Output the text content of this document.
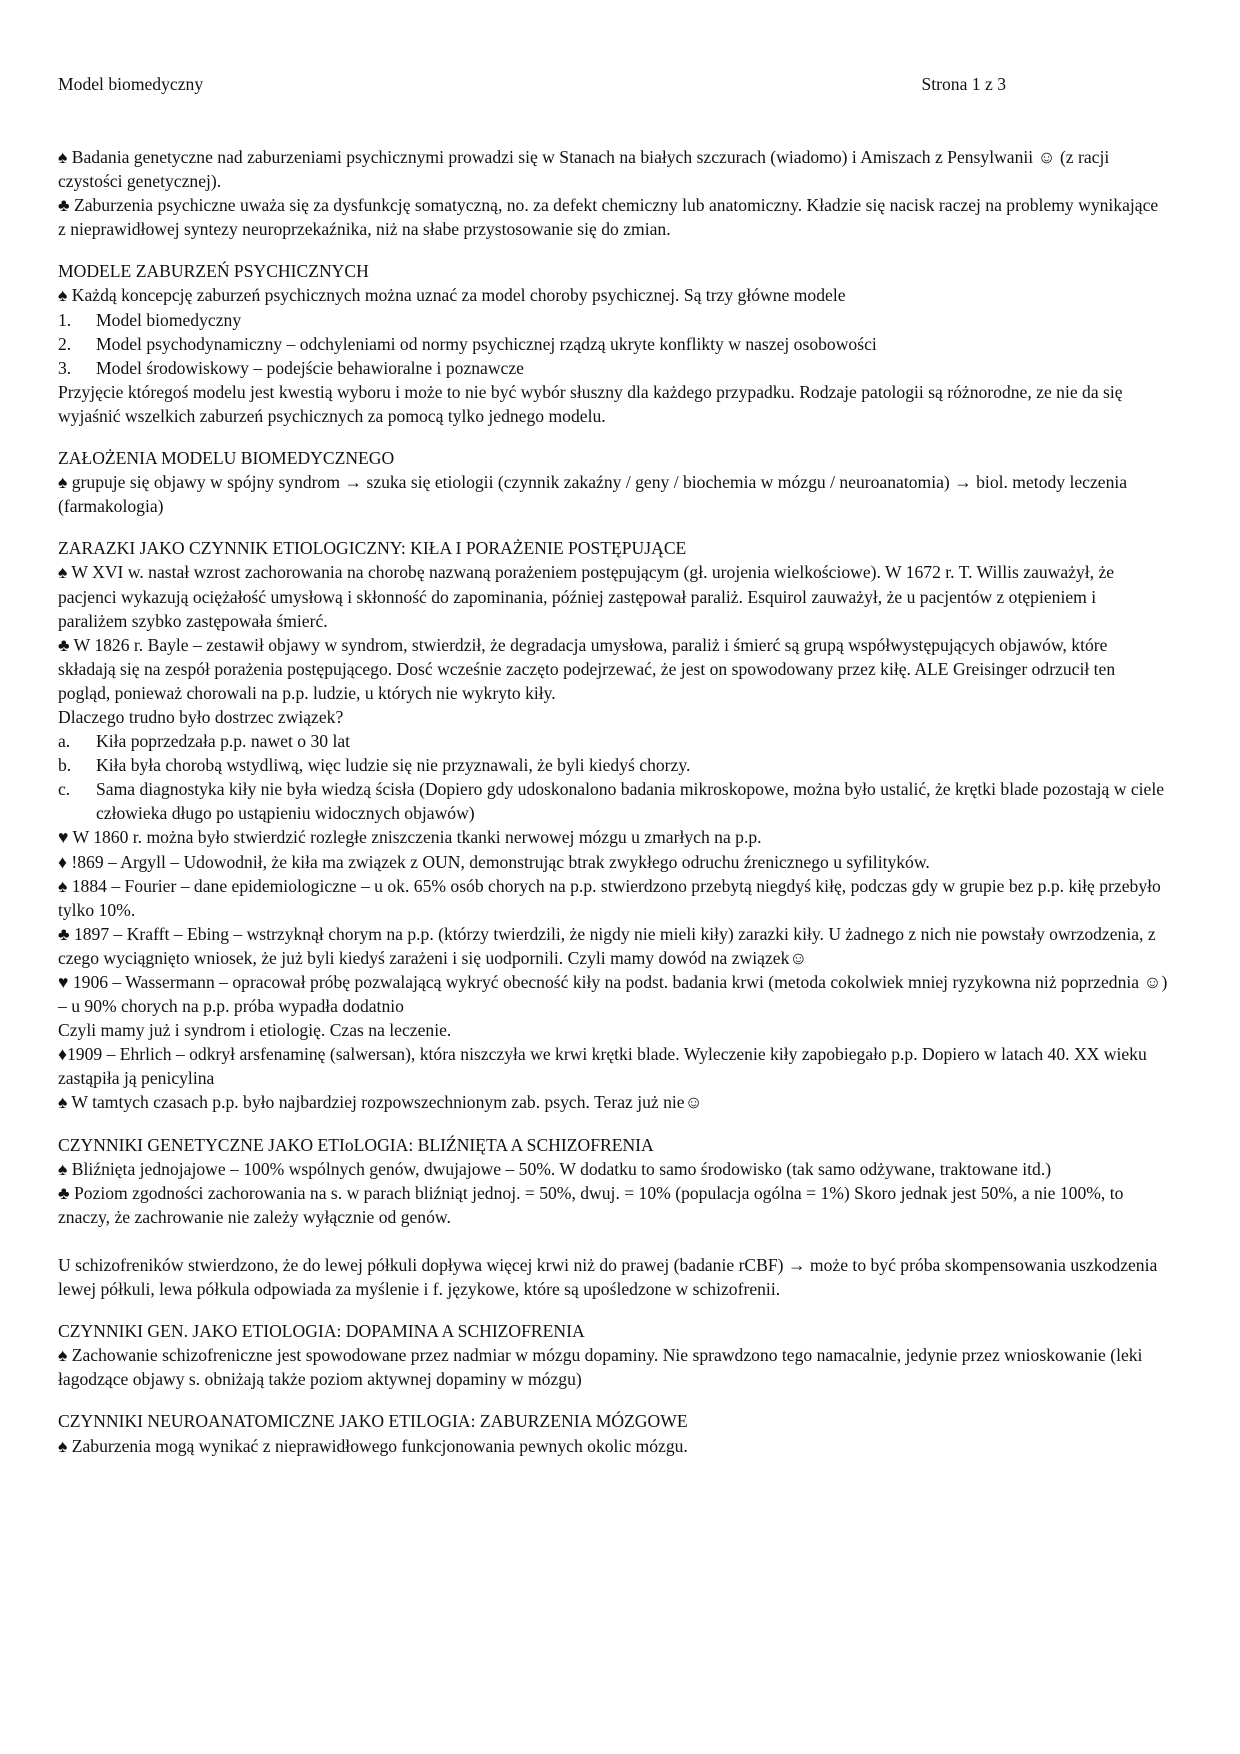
Model biomedyczny	Strona 1 z 3

♠ Badania genetyczne nad zaburzeniami psychicznymi prowadzi się w Stanach na białych szczurach (wiadomo) i Amiszach z Pensylwanii ☺ (z racji czystości genetycznej).

♣ Zaburzenia psychiczne uważa się za dysfunkcję somatyczną, no. za defekt chemiczny lub anatomiczny. Kładzie się nacisk raczej na problemy wynikające z nieprawidłowej syntezy neuroprzekaźnika, niż na słabe przystosowanie się do zmian.

MODELE ZABURZEŃ PSYCHICZNYCH

♠ Każdą koncepcję zaburzeń psychicznych można uznać za model choroby psychicznej. Są trzy główne modele

1.	Model biomedyczny
2.	Model psychodynamiczny – odchyleniami od normy psychicznej rządzą ukryte konflikty w naszej osobowości
3.	Model środowiskowy – podejście behawioralne i poznawcze

Przyjęcie któregoś modelu jest kwestią wyboru i może to nie być wybór słuszny dla każdego przypadku. Rodzaje patologii są różnorodne, ze nie da się wyjaśnić wszelkich zaburzeń psychicznych za pomocą tylko jednego modelu.

ZAŁOŻENIA MODELU BIOMEDYCZNEGO

♠ grupuje się objawy w spójny syndrom → szuka się etiologii (czynnik zakaźny / geny / biochemia w mózgu / neuroanatomia) → biol. metody leczenia (farmakologia)

ZARAZKI JAKO CZYNNIK ETIOLOGICZNY: KIŁA I PORAŻENIE POSTĘPUJĄCE

♠ W XVI w. nastał wzrost zachorowania na chorobę nazwaną porażeniem postępującym (gł. urojenia wielkościowe). W 1672 r. T. Willis zauważył, że pacjenci wykazują ociężałość umysłową i skłonność do zapominania, później zastępował paraliż. Esquirol zauważył, że u pacjentów z otępieniem i paraliżem szybko zastępowała śmierć.

♣ W 1826 r. Bayle – zestawił objawy w syndrom, stwierdził, że degradacja umysłowa, paraliż i śmierć są grupą współwystępujących objawów, które składają się na zespół porażenia postępującego. Dosć wcześnie zaczęto podejrzewać, że jest on spowodowany przez kiłę. ALE Greisinger odrzucił ten pogląd, ponieważ chorowali na p.p. ludzie, u których nie wykryto kiły.

Dlaczego trudno było dostrzec związek?

a.	Kiła poprzedzała p.p. nawet o 30 lat
b.	Kiła była chorobą wstydliwą, więc ludzie się nie przyznawali, że byli kiedyś chorzy.
c.	Sama diagnostyka kiły nie była wiedzą ścisła (Dopiero gdy udoskonalono badania mikroskopowe, można było ustalić, że krętki blade pozostają w ciele człowieka długo po ustąpieniu widocznych objawów)

♥ W 1860 r. można było stwierdzić rozległe zniszczenia tkanki nerwowej mózgu u zmarłych na p.p.

♦ !869 – Argyll – Udowodnił, że kiła ma związek z OUN, demonstrując btrak zwykłego odruchu źrenicznego u syfilityków.

♠ 1884 – Fourier – dane epidemiologiczne – u ok. 65% osób chorych na p.p. stwierdzono przebytą niegdyś kiłę, podczas gdy w grupie bez p.p. kiłę przebyło tylko 10%.

♣ 1897 – Krafft – Ebing – wstrzyknął chorym na p.p. (którzy twierdzili, że nigdy nie mieli kiły) zarazki kiły. U żadnego z nich nie powstały owrzodzenia, z czego wyciągnięto wniosek, że już byli kiedyś zarażeni i się uodpornili. Czyli mamy dowód na związek☺

♥ 1906 – Wassermann – opracował próbę pozwalającą wykryć obecność kiły na podst. badania krwi (metoda cokolwiek mniej ryzykowna niż poprzednia ☺) – u 90% chorych na p.p. próba wypadła dodatnio

Czyli mamy już i syndrom i etiologię. Czas na leczenie.

♦1909 – Ehrlich – odkrył arsfenaminę (salwersan), która niszczyła we krwi krętki blade. Wyleczenie kiły zapobiegało p.p. Dopiero w latach 40. XX wieku zastąpiła ją penicylina

♠ W tamtych czasach p.p. było najbardziej rozpowszechnionym zab. psych. Teraz już nie☺

CZYNNIKI GENETYCZNE JAKO ETIoLOGIA: BLIŹNIĘTA A SCHIZOFRENIA

♠ Bliźnięta jednojajowe – 100% wspólnych genów, dwujajowe – 50%. W dodatku to samo środowisko (tak samo odżywane, traktowane itd.)

♣ Poziom zgodności zachorowania na s. w parach bliźniąt jednoj. = 50%, dwuj. = 10% (populacja ogólna = 1%) Skoro jednak jest 50%, a nie 100%, to znaczy, że zachrowanie nie zależy wyłącznie od genów.

U schizofreników stwierdzono, że do lewej półkuli dopływa więcej krwi niż do prawej (badanie rCBF) → może to być próba skompensowania uszkodzenia lewej półkuli, lewa półkula odpowiada za myślenie i f. językowe, które są upośledzone w schizofrenii.

CZYNNIKI GEN. JAKO ETIOLOGIA: DOPAMINA A SCHIZOFRENIA

♠ Zachowanie schizofreniczne jest spowodowane przez nadmiar w mózgu dopaminy. Nie sprawdzono tego namacalnie, jedynie przez wnioskowanie (leki łagodzące objawy s. obniżają także poziom aktywnej dopaminy w mózgu)

CZYNNIKI NEUROANATOMICZNE JAKO ETILOGIA: ZABURZENIA MÓZGOWE

♠ Zaburzenia mogą wynikać z nieprawidłowego funkcjonowania pewnych okolic mózgu.
